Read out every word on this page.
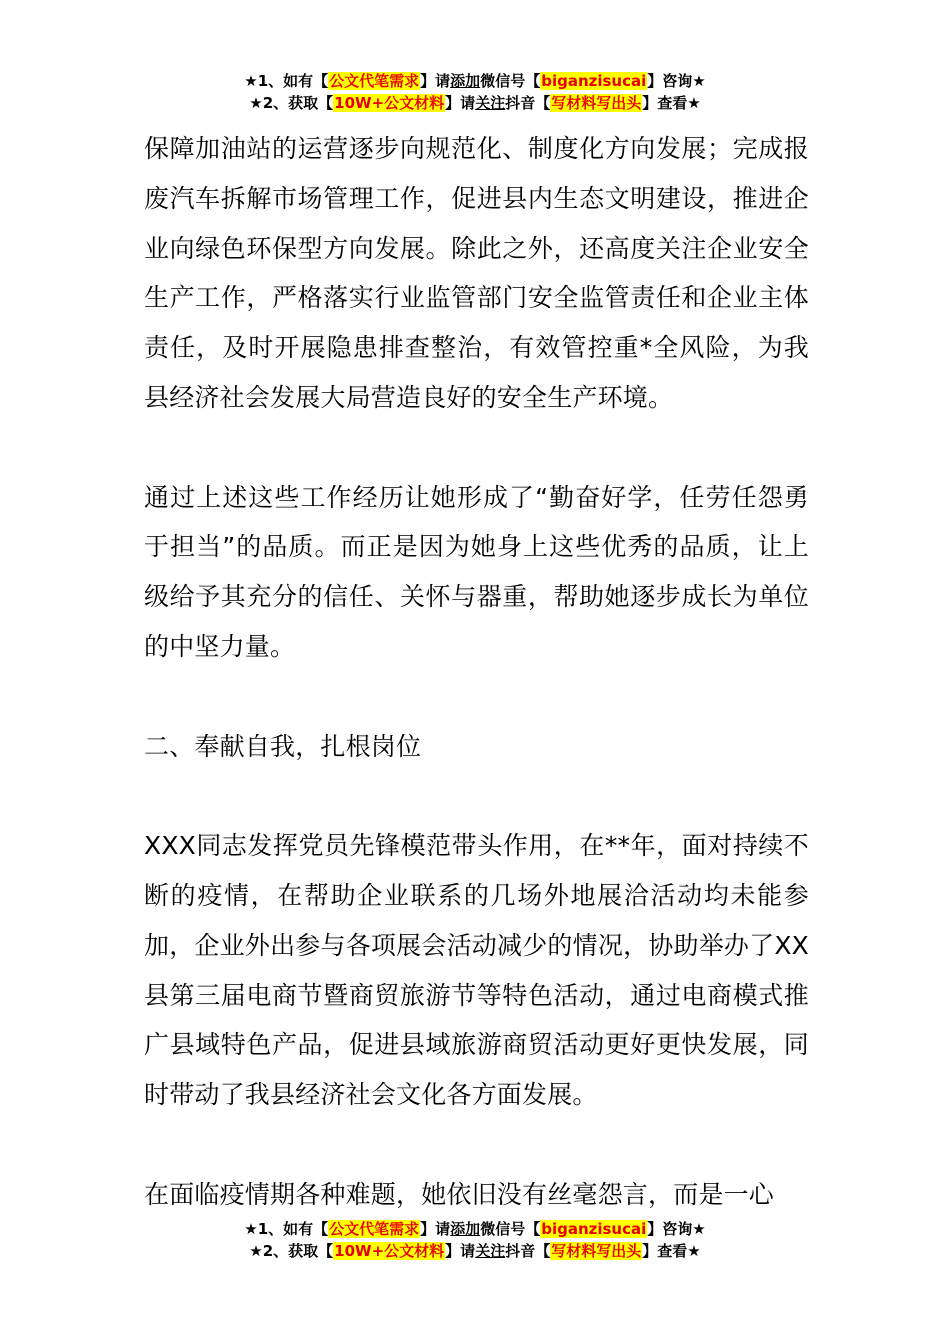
★1、如有【公文代笔需求】请添加微信号【biganzisucai】咨询★
★2、获取【10W+公文材料】请关注抖音【写材料写出头】查看★

保障加油站的运营逐步向规范化、制度化方向发展；完成报废汽车拆解市场管理工作，促进县内生态文明建设，推进企业向绿色环保型方向发展。除此之外，还高度关注企业安全生产工作，严格落实行业监管部门安全监管责任和企业主体责任，及时开展隐患排查整治，有效管控重*全风险，为我县经济社会发展大局营造良好的安全生产环境。

通过上述这些工作经历让她形成了“勤奋好学，任劳任怨勇于担当”的品质。而正是因为她身上这些优秀的品质，让上级给予其充分的信任、关怀与器重，帮助她逐步成长为单位的中坚力量。

二、奉献自我，扎根岗位

XXX同志发挥党员先锋模范带头作用，在**年，面对持续不断的疫情，在帮助企业联系的几场外地展洽活动均未能参加，企业外出参与各项展会活动减少的情况，协助举办了XX县第三届电商节暨商贸旅游节等特色活动，通过电商模式推广县域特色产品，促进县域旅游商贸活动更好更快发展，同时带动了我县经济社会文化各方面发展。

在面临疫情期各种难题，她依旧没有丝毫怨言，而是一心

★1、如有【公文代笔需求】请添加微信号【biganzisucai】咨询★
★2、获取【10W+公文材料】请关注抖音【写材料写出头】查看★
